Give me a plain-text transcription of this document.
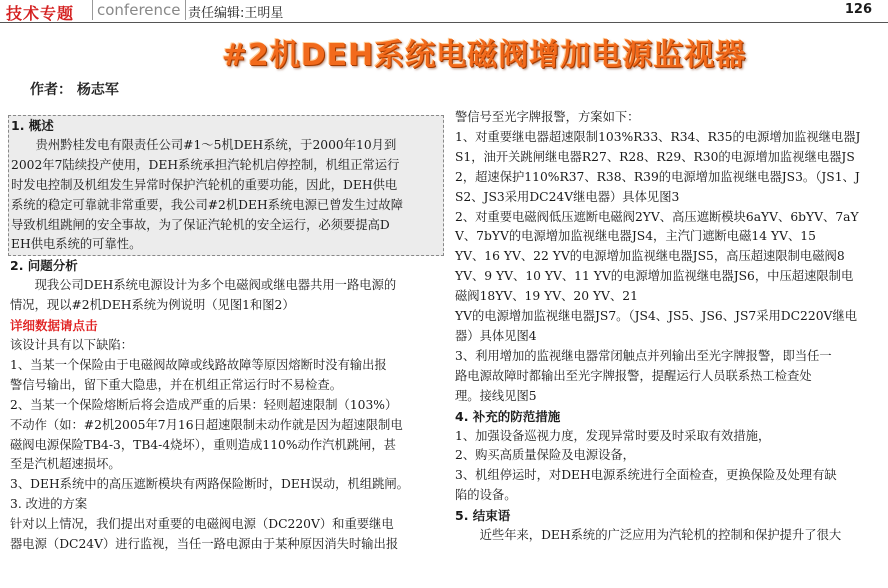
技术专题	conference 责任编辑:王明星	126
#2机DEH系统电磁阀增加电源监视器
作者： 杨志军

1. 概述

贵州黔桂发电有限责任公司#1～5机DEH系统，于2000年10月到

2002年7陆续投产使用，DEH系统承担汽轮机启停控制，机组正常运行

时发电控制及机组发生异常时保护汽轮机的重要功能，因此，DEH供电

系统的稳定可靠就非常重要，我公司#2机DEH系统电源已曾发生过故障

导致机组跳闸的安全事故，为了保证汽轮机的安全运行，必须要提高D

EH供电系统的可靠性。

2. 问题分析

现我公司DEH系统电源设计为多个电磁阀或继电器共用一路电源的

情况，现以#2机DEH系统为例说明（见图1和图2）

详细数据请点击

该设计具有以下缺陷：

1、当某一个保险由于电磁阀故障或线路故障等原因熔断时没有输出报

警信号输出，留下重大隐患，并在机组正常运行时不易检查。

2、当某一个保险熔断后将会造成严重的后果：轻则超速限制（103%）

不动作（如：#2机2005年7月16日超速限制未动作就是因为超速限制电

磁阀电源保险TB4-3，TB4-4烧坏），重则造成110%动作汽机跳闸，甚

至是汽机超速损坏。

3、DEH系统中的高压遮断模块有两路保险断时，DEH误动，机组跳闸。

3. 改进的方案

针对以上情况，我们提出对重要的电磁阀电源（DC220V）和重要继电

器电源（DC24V）进行监视，当任一路电源由于某种原因消失时输出报

警信号至光字牌报警，方案如下：

1、对重要继电器超速限制103%R33、R34、R35的电源增加监视继电器J

S1，油开关跳闸继电器R27、R28、R29、R30的电源增加监视继电器JS

2，超速保护110%R37、R38、R39的电源增加监视继电器JS3。（JS1、J

S2、JS3采用DC24V继电器）具体见图3

2、对重要电磁阀低压遮断电磁阀2YV、高压遮断模块6aYV、6bYV、7aY

V、7bYV的电源增加监视继电器JS4，主汽门遮断电磁14 YV、15

YV、16 YV、22 YV的电源增加监视继电器JS5，高压超速限制电磁阀8

YV、9 YV、10 YV、11 YV的电源增加监视继电器JS6，中压超速限制电

磁阀18YV、19 YV、20 YV、21

YV的电源增加监视继电器JS7。（JS4、JS5、JS6、JS7采用DC220V继电

器）具体见图4

3、利用增加的监视继电器常闭触点并列输出至光字牌报警，即当任一

路电源故障时都输出至光字牌报警，提醒运行人员联系热工检查处

理。接线见图5

4. 补充的防范措施

1、加强设备巡视力度，发现异常时要及时采取有效措施，

2、购买高质量保险及电源设备，

3、机组停运时，对DEH电源系统进行全面检查，更换保险及处理有缺

陷的设备。

5. 结束语

近些年来，DEH系统的广泛应用为汽轮机的控制和保护提升了很大
